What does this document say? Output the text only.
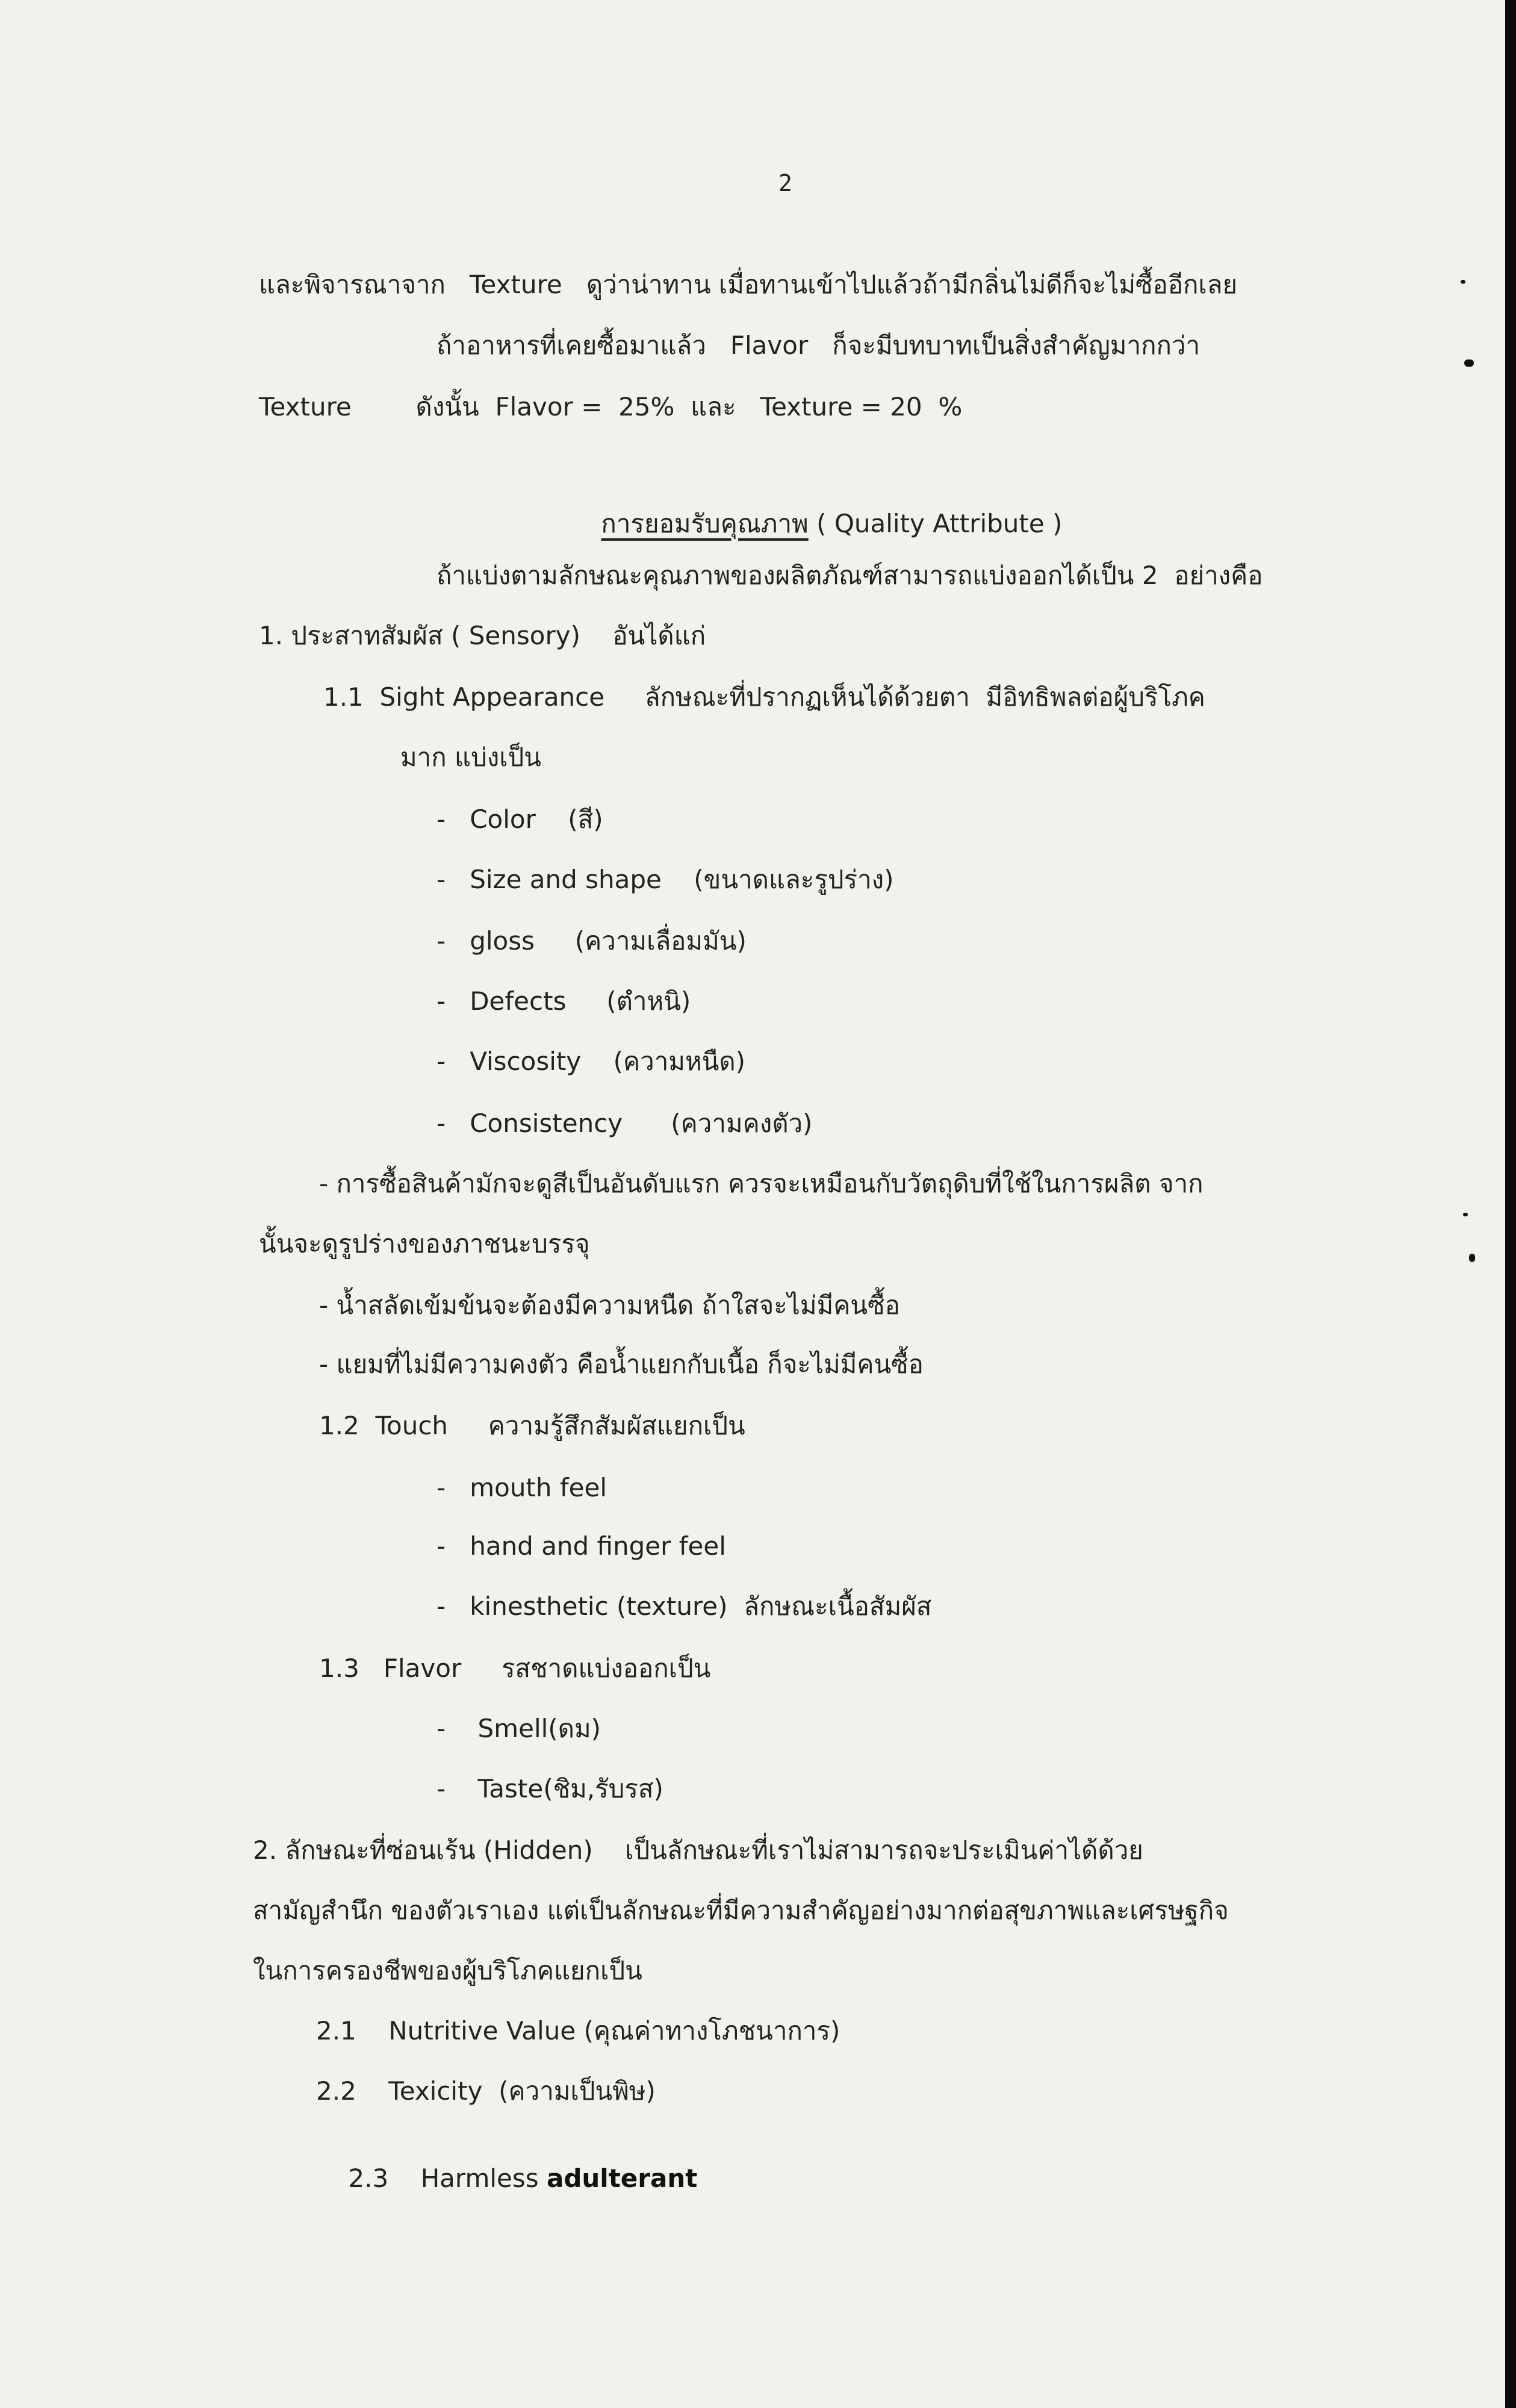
2
และพิจารณาจาก   Texture   ดูว่าน่าทาน เมื่อทานเข้าไปแล้วถ้ามีกลิ่นไม่ดีก็จะไม่ซื้ออีกเลย
ถ้าอาหารที่เคยซื้อมาแล้ว   Flavor   ก็จะมีบทบาทเป็นสิ่งสำคัญมากกว่า
Texture        ดังนั้น  Flavor =  25%  และ   Texture = 20  %

การยอมรับคุณภาพ ( Quality Attribute )

ถ้าแบ่งตามลักษณะคุณภาพของผลิตภัณฑ์สามารถแบ่งออกได้เป็น 2  อย่างคือ
1. ประสาทสัมผัส ( Sensory)    อันได้แก่
1.1  Sight Appearance     ลักษณะที่ปรากฏเห็นได้ด้วยตา  มีอิทธิพลต่อผู้บริโภค
มาก แบ่งเป็น
-   Color    (สี)
-   Size and shape    (ขนาดและรูปร่าง)
-   gloss     (ความเลื่อมมัน)
-   Defects     (ตำหนิ)
-   Viscosity    (ความหนืด)
-   Consistency      (ความคงตัว)
- การซื้อสินค้ามักจะดูสีเป็นอันดับแรก ควรจะเหมือนกับวัตถุดิบที่ใช้ในการผลิต จาก
นั้นจะดูรูปร่างของภาชนะบรรจุ
- น้ำสลัดเข้มข้นจะต้องมีความหนืด ถ้าใสจะไม่มีคนซื้อ
- แยมที่ไม่มีความคงตัว คือน้ำแยกกับเนื้อ ก็จะไม่มีคนซื้อ
1.2  Touch     ความรู้สึกสัมผัสแยกเป็น
-   mouth feel
-   hand and finger feel
-   kinesthetic (texture)  ลักษณะเนื้อสัมผัส
1.3   Flavor     รสชาดแบ่งออกเป็น
-    Smell(ดม)
-    Taste(ชิม,รับรส)
2. ลักษณะที่ซ่อนเร้น (Hidden)    เป็นลักษณะที่เราไม่สามารถจะประเมินค่าได้ด้วย
สามัญสำนึก ของตัวเราเอง แต่เป็นลักษณะที่มีความสำคัญอย่างมากต่อสุขภาพและเศรษฐกิจ
ในการครองชีพของผู้บริโภคแยกเป็น
2.1    Nutritive Value (คุณค่าทางโภชนาการ)
2.2    Texicity  (ความเป็นพิษ)

2.3    Harmless adulterant
